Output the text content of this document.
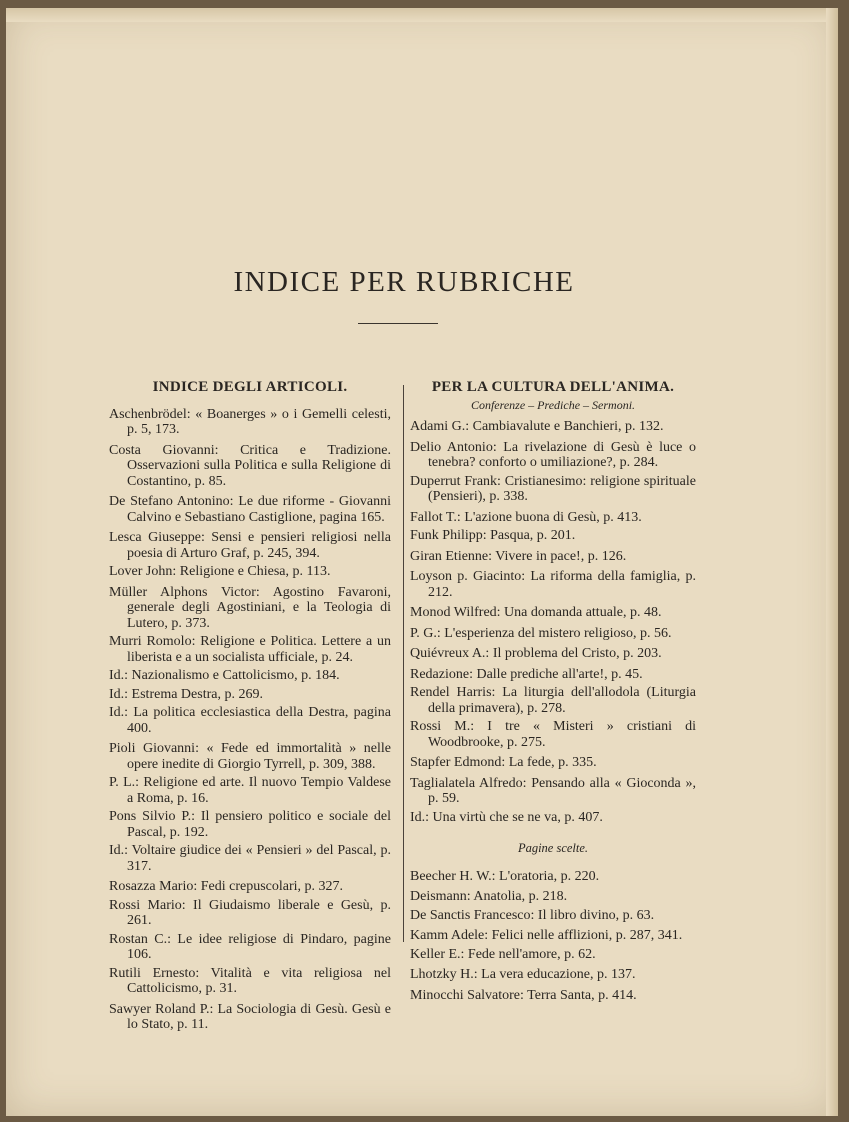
INDICE PER RUBRICHE
INDICE DEGLI ARTICOLI.
Aschenbrödel: « Boanerges » o i Gemelli celesti, p. 5, 173.
Costa Giovanni: Critica e Tradizione. Osservazioni sulla Politica e sulla Religione di Costantino, p. 85.
De Stefano Antonino: Le due riforme - Giovanni Calvino e Sebastiano Castiglione, pagina 165.
Lesca Giuseppe: Sensi e pensieri religiosi nella poesia di Arturo Graf, p. 245, 394.
Lover John: Religione e Chiesa, p. 113.
Müller Alphons Victor: Agostino Favaroni, generale degli Agostiniani, e la Teologia di Lutero, p. 373.
Murri Romolo: Religione e Politica. Lettere a un liberista e a un socialista ufficiale, p. 24.
Id.: Nazionalismo e Cattolicismo, p. 184.
Id.: Estrema Destra, p. 269.
Id.: La politica ecclesiastica della Destra, pagina 400.
Pioli Giovanni: « Fede ed immortalità » nelle opere inedite di Giorgio Tyrrell, p. 309, 388.
P. L.: Religione ed arte. Il nuovo Tempio Valdese a Roma, p. 16.
Pons Silvio P.: Il pensiero politico e sociale del Pascal, p. 192.
Id.: Voltaire giudice dei « Pensieri » del Pascal, p. 317.
Rosazza Mario: Fedi crepuscolari, p. 327.
Rossi Mario: Il Giudaismo liberale e Gesù, p. 261.
Rostan C.: Le idee religiose di Pindaro, pagine 106.
Rutili Ernesto: Vitalità e vita religiosa nel Cattolicismo, p. 31.
Sawyer Roland P.: La Sociologia di Gesù. Gesù e lo Stato, p. 11.
PER LA CULTURA DELL'ANIMA.
Conferenze – Prediche – Sermoni.
Adami G.: Cambiavalute e Banchieri, p. 132.
Delio Antonio: La rivelazione di Gesù è luce o tenebra? conforto o umiliazione?, p. 284.
Duperrut Frank: Cristianesimo: religione spirituale (Pensieri), p. 338.
Fallot T.: L'azione buona di Gesù, p. 413.
Funk Philipp: Pasqua, p. 201.
Giran Etienne: Vivere in pace!, p. 126.
Loyson p. Giacinto: La riforma della famiglia, p. 212.
Monod Wilfred: Una domanda attuale, p. 48.
P. G.: L'esperienza del mistero religioso, p. 56.
Quiévreux A.: Il problema del Cristo, p. 203.
Redazione: Dalle prediche all'arte!, p. 45.
Rendel Harris: La liturgia dell'allodola (Liturgia della primavera), p. 278.
Rossi M.: I tre « Misteri » cristiani di Woodbrooke, p. 275.
Stapfer Edmond: La fede, p. 335.
Taglialatela Alfredo: Pensando alla « Gioconda », p. 59.
Id.: Una virtù che se ne va, p. 407.
Pagine scelte.
Beecher H. W.: L'oratoria, p. 220.
Deismann: Anatolia, p. 218.
De Sanctis Francesco: Il libro divino, p. 63.
Kamm Adele: Felici nelle afflizioni, p. 287, 341.
Keller E.: Fede nell'amore, p. 62.
Lhotzky H.: La vera educazione, p. 137.
Minocchi Salvatore: Terra Santa, p. 414.
